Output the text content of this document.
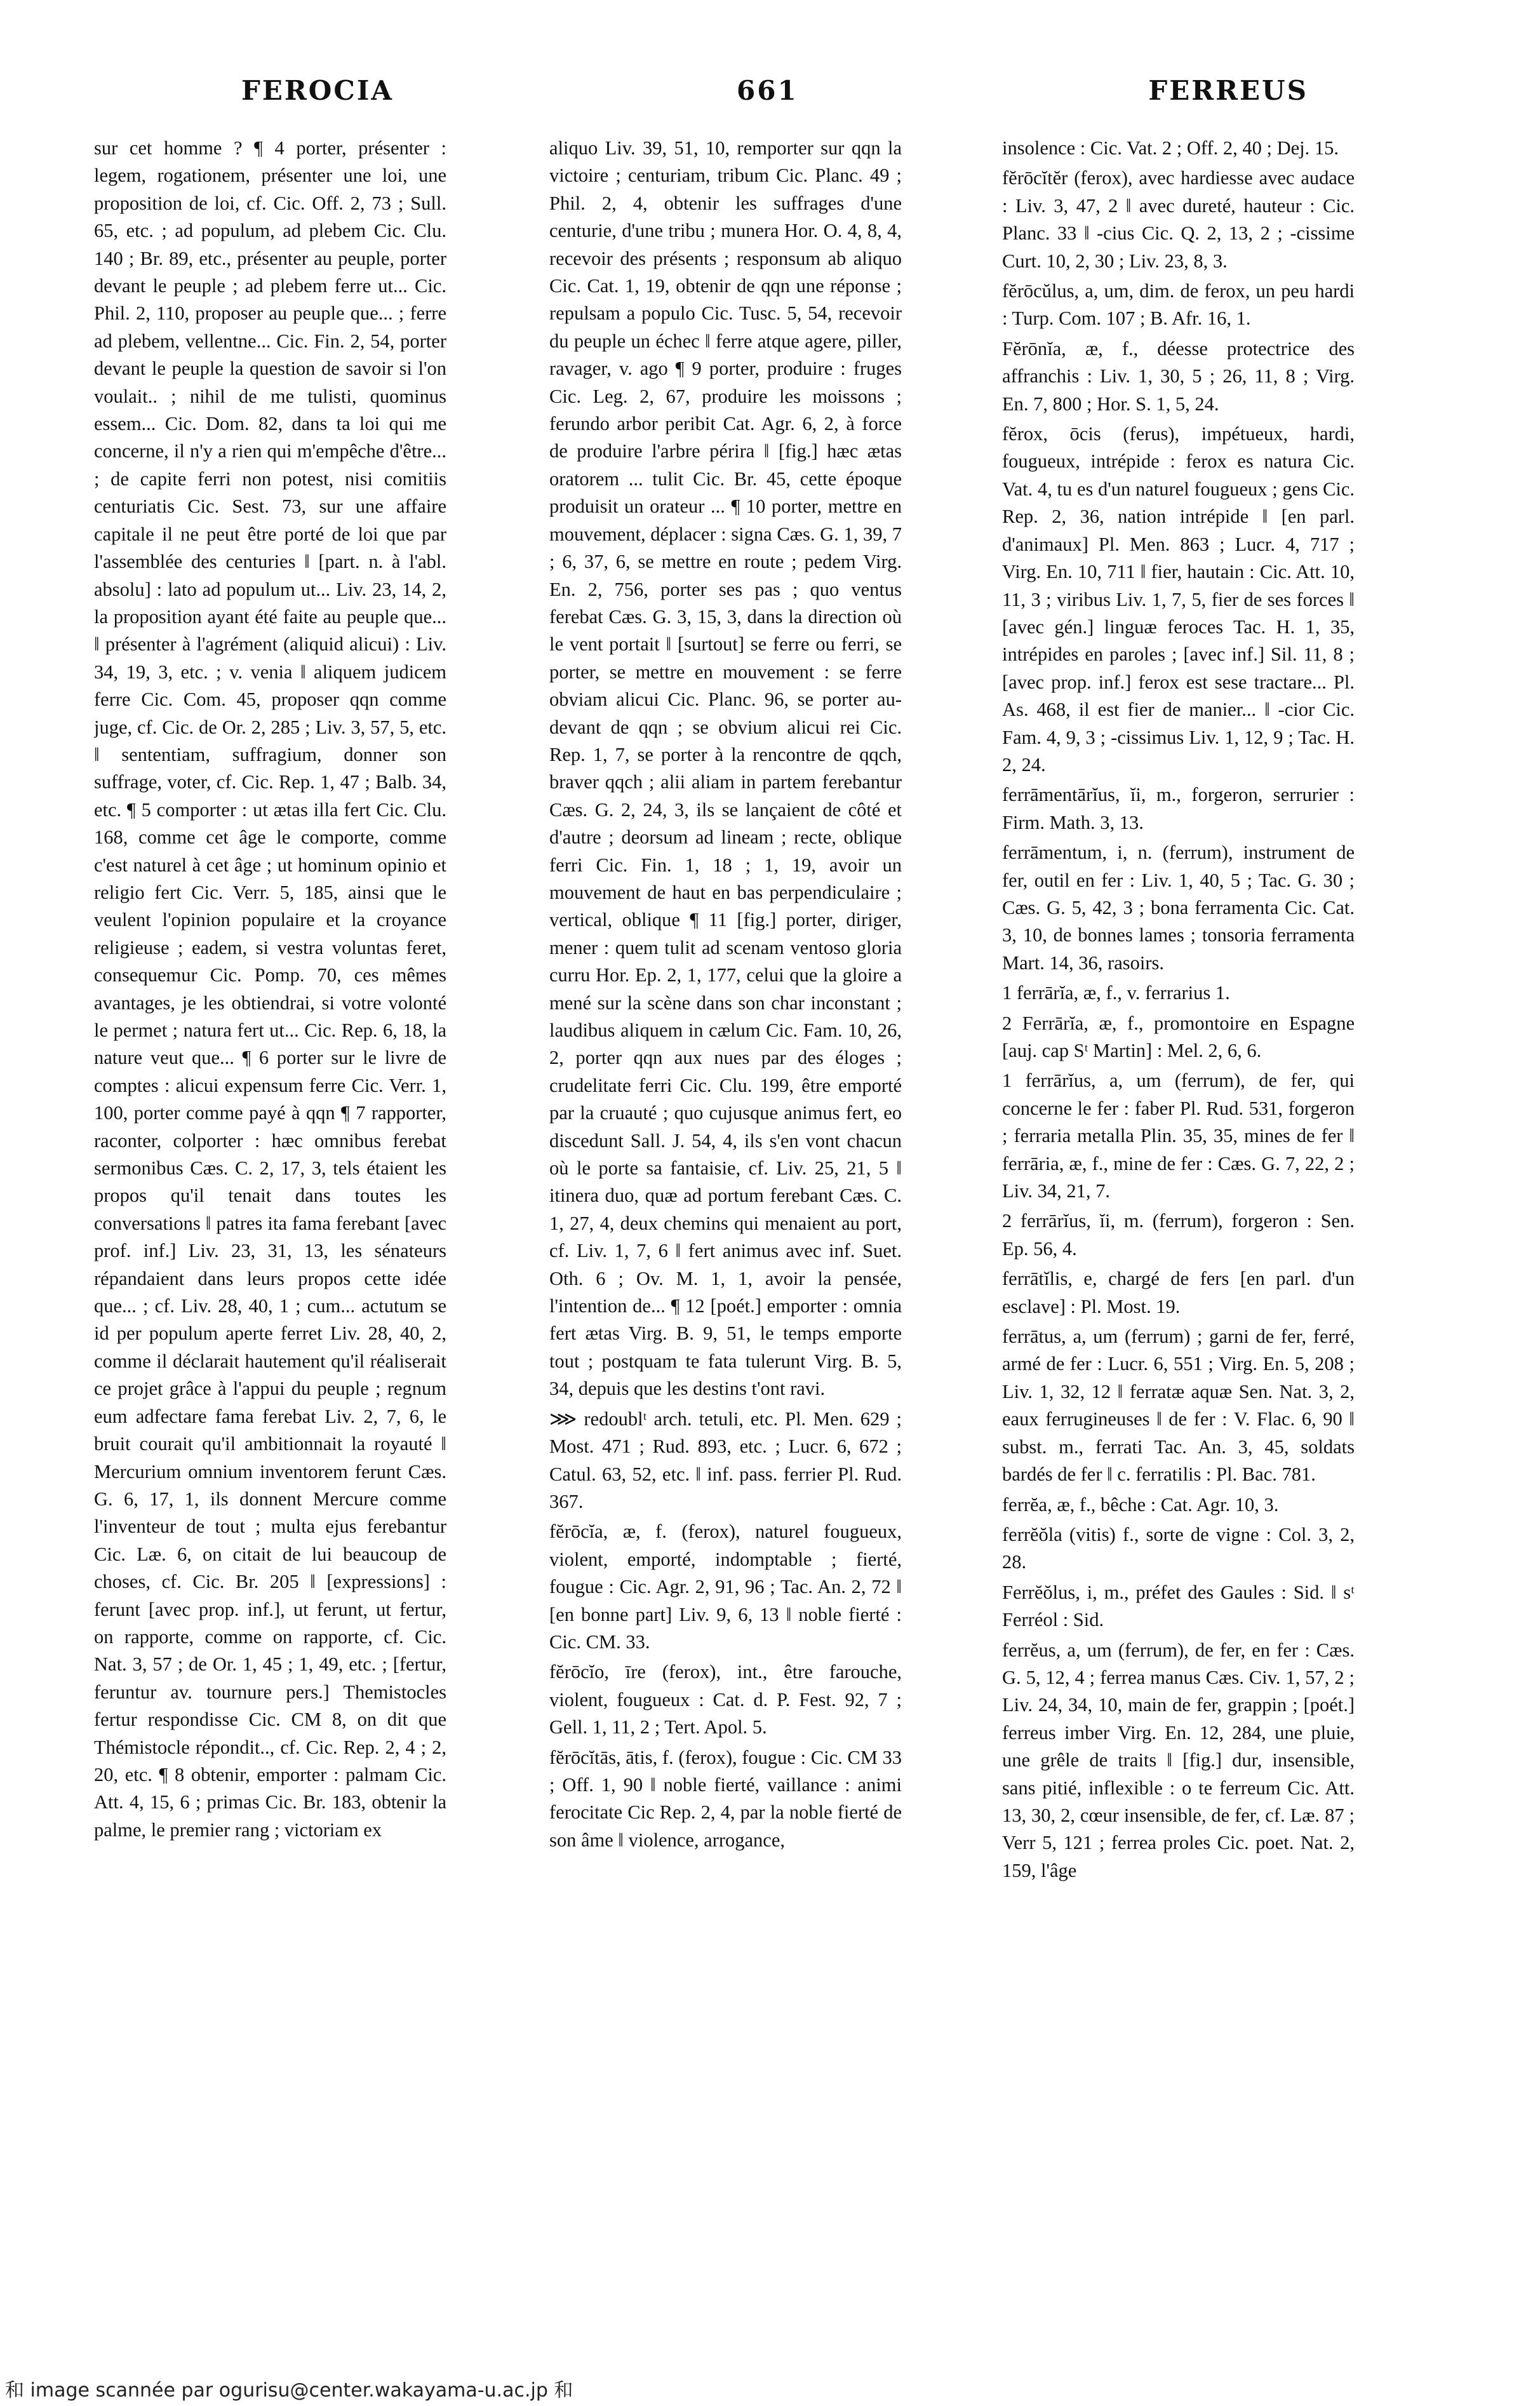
FEROCIA	661	FERREUS

sur cet homme ? ¶ 4 porter, présenter : legem, rogationem, présenter une loi, une proposition de loi, cf. Cic. Off. 2, 73 ; Sull. 65, etc. ; ad populum, ad plebem Cic. Clu. 140 ; Br. 89, etc., présenter au peuple, porter devant le peuple ; ad plebem ferre ut... Cic. Phil. 2, 110, proposer au peuple que... ; ferre ad plebem, vellentne... Cic. Fin. 2, 54, porter devant le peuple la question de savoir si l'on voulait.. ; nihil de me tulisti, quominus essem... Cic. Dom. 82, dans ta loi qui me concerne, il n'y a rien qui m'empêche d'être... ; de capite ferri non potest, nisi comitiis centuriatis Cic. Sest. 73, sur une affaire capitale il ne peut être porté de loi que par l'assemblée des centuries ‖ [part. n. à l'abl. absolu] : lato ad populum ut... Liv. 23, 14, 2, la proposition ayant été faite au peuple que... ‖ présenter à l'agrément (aliquid alicui) : Liv. 34, 19, 3, etc. ; v. venia ‖ aliquem judicem ferre Cic. Com. 45, proposer qqn comme juge, cf. Cic. de Or. 2, 285 ; Liv. 3, 57, 5, etc. ‖ sententiam, suffragium, donner son suffrage, voter, cf. Cic. Rep. 1, 47 ; Balb. 34, etc. ¶ 5 comporter : ut ætas illa fert Cic. Clu. 168, comme cet âge le comporte, comme c'est naturel à cet âge ; ut hominum opinio et religio fert Cic. Verr. 5, 185, ainsi que le veulent l'opinion populaire et la croyance religieuse ; eadem, si vestra voluntas feret, consequemur Cic. Pomp. 70, ces mêmes avantages, je les obtiendrai, si votre volonté le permet ; natura fert ut... Cic. Rep. 6, 18, la nature veut que... ¶ 6 porter sur le livre de comptes : alicui expensum ferre Cic. Verr. 1, 100, porter comme payé à qqn ¶ 7 rapporter, raconter, colporter : hæc omnibus ferebat sermonibus Cæs. C. 2, 17, 3, tels étaient les propos qu'il tenait dans toutes les conversations ‖ patres ita fama ferebant [avec prof. inf.] Liv. 23, 31, 13, les sénateurs répandaient dans leurs propos cette idée que... ; cf. Liv. 28, 40, 1 ; cum... actutum se id per populum aperte ferret Liv. 28, 40, 2, comme il déclarait hautement qu'il réaliserait ce projet grâce à l'appui du peuple ; regnum eum adfectare fama ferebat Liv. 2, 7, 6, le bruit courait qu'il ambitionnait la royauté ‖ Mercurium omnium inventorem ferunt Cæs. G. 6, 17, 1, ils donnent Mercure comme l'inventeur de tout ; multa ejus ferebantur Cic. Læ. 6, on citait de lui beaucoup de choses, cf. Cic. Br. 205 ‖ [expressions] : ferunt [avec prop. inf.], ut ferunt, ut fertur, on rapporte, comme on rapporte, cf. Cic. Nat. 3, 57 ; de Or. 1, 45 ; 1, 49, etc. ; [fertur, feruntur av. tournure pers.] Themistocles fertur respondisse Cic. CM 8, on dit que Thémistocle répondit.., cf. Cic. Rep. 2, 4 ; 2, 20, etc. ¶ 8 obtenir, emporter : palmam Cic. Att. 4, 15, 6 ; primas Cic. Br. 183, obtenir la palme, le premier rang ; victoriam ex

aliquo Liv. 39, 51, 10, remporter sur qqn la victoire ; centuriam, tribum Cic. Planc. 49 ; Phil. 2, 4, obtenir les suffrages d'une centurie, d'une tribu ; munera Hor. O. 4, 8, 4, recevoir des présents ; responsum ab aliquo Cic. Cat. 1, 19, obtenir de qqn une réponse ; repulsam a populo Cic. Tusc. 5, 54, recevoir du peuple un échec ‖ ferre atque agere, piller, ravager, v. ago ¶ 9 porter, produire : fruges Cic. Leg. 2, 67, produire les moissons ; ferundo arbor peribit Cat. Agr. 6, 2, à force de produire l'arbre périra ‖ [fig.] hæc ætas oratorem ... tulit Cic. Br. 45, cette époque produisit un orateur ... ¶ 10 porter, mettre en mouvement, déplacer : signa Cæs. G. 1, 39, 7 ; 6, 37, 6, se mettre en route ; pedem Virg. En. 2, 756, porter ses pas ; quo ventus ferebat Cæs. G. 3, 15, 3, dans la direction où le vent portait ‖ [surtout] se ferre ou ferri, se porter, se mettre en mouvement : se ferre obviam alicui Cic. Planc. 96, se porter au-devant de qqn ; se obvium alicui rei Cic. Rep. 1, 7, se porter à la rencontre de qqch, braver qqch ; alii aliam in partem ferebantur Cæs. G. 2, 24, 3, ils se lançaient de côté et d'autre ; deorsum ad lineam ; recte, oblique ferri Cic. Fin. 1, 18 ; 1, 19, avoir un mouvement de haut en bas perpendiculaire ; vertical, oblique ¶ 11 [fig.] porter, diriger, mener : quem tulit ad scenam ventoso gloria curru Hor. Ep. 2, 1, 177, celui que la gloire a mené sur la scène dans son char inconstant ; laudibus aliquem in cælum Cic. Fam. 10, 26, 2, porter qqn aux nues par des éloges ; crudelitate ferri Cic. Clu. 199, être emporté par la cruauté ; quo cujusque animus fert, eo discedunt Sall. J. 54, 4, ils s'en vont chacun où le porte sa fantaisie, cf. Liv. 25, 21, 5 ‖ itinera duo, quæ ad portum ferebant Cæs. C. 1, 27, 4, deux chemins qui menaient au port, cf. Liv. 1, 7, 6 ‖ fert animus avec inf. Suet. Oth. 6 ; Ov. M. 1, 1, avoir la pensée, l'intention de... ¶ 12 [poét.] emporter : omnia fert ætas Virg. B. 9, 51, le temps emporte tout ; postquam te fata tulerunt Virg. B. 5, 34, depuis que les destins t'ont ravi.

⋙ redoublᵗ arch. tetuli, etc. Pl. Men. 629 ; Most. 471 ; Rud. 893, etc. ; Lucr. 6, 672 ; Catul. 63, 52, etc. ‖ inf. pass. ferrier Pl. Rud. 367.

fĕrōcĭa, æ, f. (ferox), naturel fougueux, violent, emporté, indomptable ; fierté, fougue : Cic. Agr. 2, 91, 96 ; Tac. An. 2, 72 ‖ [en bonne part] Liv. 9, 6, 13 ‖ noble fierté : Cic. CM. 33.

fĕrōcĭo, īre (ferox), int., être farouche, violent, fougueux : Cat. d. P. Fest. 92, 7 ; Gell. 1, 11, 2 ; Tert. Apol. 5.

fĕrōcĭtās, ātis, f. (ferox), fougue : Cic. CM 33 ; Off. 1, 90 ‖ noble fierté, vaillance : animi ferocitate Cic Rep. 2, 4, par la noble fierté de son âme ‖ violence, arrogance,

insolence : Cic. Vat. 2 ; Off. 2, 40 ; Dej. 15.

fĕrōcĭtĕr (ferox), avec hardiesse avec audace : Liv. 3, 47, 2 ‖ avec dureté, hauteur : Cic. Planc. 33 ‖ -cius Cic. Q. 2, 13, 2 ; -cissime Curt. 10, 2, 30 ; Liv. 23, 8, 3.

fĕrōcŭlus, a, um, dim. de ferox, un peu hardi : Turp. Com. 107 ; B. Afr. 16, 1.

Fĕrōnĭa, æ, f., déesse protectrice des affranchis : Liv. 1, 30, 5 ; 26, 11, 8 ; Virg. En. 7, 800 ; Hor. S. 1, 5, 24.

fĕrox, ōcis (ferus), impétueux, hardi, fougueux, intrépide : ferox es natura Cic. Vat. 4, tu es d'un naturel fougueux ; gens Cic. Rep. 2, 36, nation intrépide ‖ [en parl. d'animaux] Pl. Men. 863 ; Lucr. 4, 717 ; Virg. En. 10, 711 ‖ fier, hautain : Cic. Att. 10, 11, 3 ; viribus Liv. 1, 7, 5, fier de ses forces ‖ [avec gén.] linguæ feroces Tac. H. 1, 35, intrépides en paroles ; [avec inf.] Sil. 11, 8 ; [avec prop. inf.] ferox est sese tractare... Pl. As. 468, il est fier de manier... ‖ -cior Cic. Fam. 4, 9, 3 ; -cissimus Liv. 1, 12, 9 ; Tac. H. 2, 24.

ferrāmentārĭus, ĭi, m., forgeron, serrurier : Firm. Math. 3, 13.

ferrāmentum, i, n. (ferrum), instrument de fer, outil en fer : Liv. 1, 40, 5 ; Tac. G. 30 ; Cæs. G. 5, 42, 3 ; bona ferramenta Cic. Cat. 3, 10, de bonnes lames ; tonsoria ferramenta Mart. 14, 36, rasoirs.

1 ferrārĭa, æ, f., v. ferrarius 1.

2 Ferrārĭa, æ, f., promontoire en Espagne [auj. cap Sᵗ Martin] : Mel. 2, 6, 6.

1 ferrārĭus, a, um (ferrum), de fer, qui concerne le fer : faber Pl. Rud. 531, forgeron ; ferraria metalla Plin. 35, 35, mines de fer ‖ ferrāria, æ, f., mine de fer : Cæs. G. 7, 22, 2 ; Liv. 34, 21, 7.

2 ferrārĭus, ĭi, m. (ferrum), forgeron : Sen. Ep. 56, 4.

ferrātĭlis, e, chargé de fers [en parl. d'un esclave] : Pl. Most. 19.

ferrātus, a, um (ferrum) ; garni de fer, ferré, armé de fer : Lucr. 6, 551 ; Virg. En. 5, 208 ; Liv. 1, 32, 12 ‖ ferratæ aquæ Sen. Nat. 3, 2, eaux ferrugineuses ‖ de fer : V. Flac. 6, 90 ‖ subst. m., ferrati Tac. An. 3, 45, soldats bardés de fer ‖ c. ferratilis : Pl. Bac. 781.

ferrĕa, æ, f., bêche : Cat. Agr. 10, 3.

ferrĕŏla (vitis) f., sorte de vigne : Col. 3, 2, 28.

Ferrĕŏlus, i, m., préfet des Gaules : Sid. ‖ sᵗ Ferréol : Sid.

ferrĕus, a, um (ferrum), de fer, en fer : Cæs. G. 5, 12, 4 ; ferrea manus Cæs. Civ. 1, 57, 2 ; Liv. 24, 34, 10, main de fer, grappin ; [poét.] ferreus imber Virg. En. 12, 284, une pluie, une grêle de traits ‖ [fig.] dur, insensible, sans pitié, inflexible : o te ferreum Cic. Att. 13, 30, 2, cœur insensible, de fer, cf. Læ. 87 ; Verr 5, 121 ; ferrea proles Cic. poet. Nat. 2, 159, l'âge

和 image scannée par ogurisu@center.wakayama-u.ac.jp 和
